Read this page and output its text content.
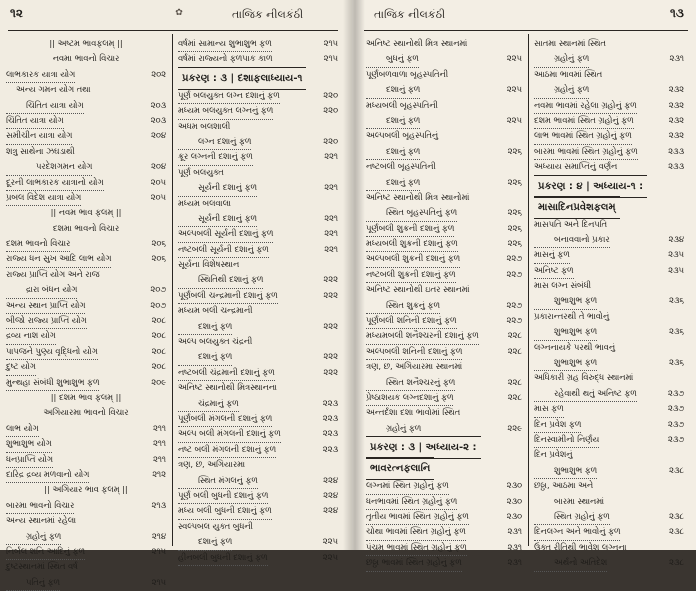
૧૨	✿	તાજિક નીલકંઠી
|| અષ્ટમ ભાવફલમ્ ||
નવમા ભાવનો વિચાર
લાભકારક યાત્રા યોગ	૨૦૨
અન્ય ગમન યોગ તથા
ચિંતિત યાત્રા યોગ	૨૦૩
ચિંતિત યાત્રા યોગ	૨૦૩
સમીચીન યાત્રા યોગ	૨૦૪
શત્રુ સાથેના ઝઘડાથી
પરદેશગમન યોગ	૨૦૪
દૂરની લાભકારક યાત્રાનો યોગ	૨૦૫
પ્રબલ વિદેશ યાત્રા યોગ	૨૦૫
|| નવમ ભાવ ફલમ્ ||
દશમા ભાવનો વિચાર
દશમ ભાવનો વિચાર	૨૦૬
રાજ્ય ધન સુખ આદિ લાભ યોગ	૨૦૬
રાજ્ય પ્રાપ્તિ યોગ અને રાજ
દ્રારા બંધન યોગ	૨૦૭
અન્ય સ્થાન પ્રાપ્તિ યોગ	૨૦૭
બીજો રાજ્ય પ્રાપ્તિ યોગ	૨૦૮
દ્રવ્ય નાશ યોગ	૨૦૮
પાપજને પુણ્ય વૃદ્ધિનો યોગ	૨૦૮
દુષ્ટ યોગ	૨૦૮
મુન્થહા સંબંધી શુભાશુભ ફળ	૨૦૯
|| દશમ ભાવ ફલમ્ ||
અગિયારમા ભાવનો વિચાર
લાભ યોગ	૨૧૧
શુભાશુભ યોગ	૨૧૧
ધનપ્રાપ્તિ યોગ	૨૧૧
દારિદ્ર દ્રવ્ય મળવાનો યોગ	૨૧૨
|| અગિયાર ભાવ ફલમ્ ||
બારમા ભાવનો વિચાર	૨૧૩
અન્ય સ્થાનમાં રહેલા
ગ્રહોનું ફળ	૨૧૪
નિર્બલ શનિ આદિનું ફળ	૨૧૫
દુષ્ટસ્થાનમાં સ્થિત વર્ષ
પતિનું ફળ	૨૧૫
વર્ષમાં સામાન્ય શુભાશુભ ફળ	૨૧૫
વર્ષમાં રાજ્યનો ફળપાક કાળ	૨૧૫
પ્રકરણ : ૩ | દશાફલાધ્યાય-૧
પૂર્ણ બલયુક્ત લગ્ન દશાનું ફળ	૨૨૦
મધ્યમ બલયુક્ત લગ્નનું ફળ	૨૨૦
અધમ બલશાલી
લગ્ન દશાનું ફળ	૨૨૦
ક્રૂર લગ્નની દશાનું ફળ	૨૨૧
પૂર્ણ બલયુક્ત
સૂર્યની દશાનું ફળ	૨૨૧
મધ્યમ બલવાલા
સૂર્યની દશાનું ફળ	૨૨૧
અલ્પબલી સૂર્યની દશાનું ફળ	૨૨૧
નષ્ટબલી સૂર્યની દશાનું ફળ	૨૨૧
સૂર્યના વિશેષસ્થાન
સ્થિતિથી દશાનું ફળ	૨૨૨
પૂર્ણબલી ચન્દ્રમાની દશાનું ફળ	૨૨૨
મધ્યમ બલી ચન્દ્રમાની
દશાનું ફળ	૨૨૨
અલ્પ બલયુક્ત ચંદ્રની
દશાનું ફળ	૨૨૨
નષ્ટબલી ચંદ્રમાની દશાનું ફળ	૨૨૨
અનિષ્ટ સ્થાનોથી મિત્રસ્થાનના
ચંદ્રમાનું ફળ	૨૨૩
પૂર્ણબલી મંગલની દશાનું ફળ	૨૨૩
અલ્પ બલી મંગલની દશાનું ફળ	૨૨૩
નષ્ટ બલી મંગલની દશાનું ફળ	૨૨૩
ત્રણ, છ, અગિયારમા
સ્થિત મંગલનું ફળ	૨૨૪
પૂર્ણ બલી બુધની દશાનું ફળ	૨૨૪
મધ્ય બલી બુધની દશાનું ફળ	૨૨૪
સ્વલ્પબલ યુક્ત બુધની
દશાનું ફળ	૨૨૫
હીનબલી બુધની દશાનું ફળ	૨૨૫
તાજિક નીલકંઠી	૧૩
અનિષ્ટ સ્થાનોથી મિત્ર સ્થાનમાં
બુધનું ફળ	૨૨૫
પૂર્ણબળવાળા બૃહસ્પતિની
દશાનું ફળ	૨૨૫
મધ્યબલી બૃહસ્પતિની
દશાનું ફળ	૨૨૫
અલ્પબલી બૃહસ્પતિનું
દશાનું ફળ	૨૨૬
નષ્ટબલી બૃહસ્પતિની
દશાનું ફળ	૨૨૬
અનિષ્ટ સ્થાનોથી મિત્ર સ્થાનોમાં
સ્થિત બૃહસ્પતિનું ફળ	૨૨૬
પૂર્ણબલી શુક્રની દશાનું ફળ	૨૨૬
મધ્યબલી શુક્રની દશાનું ફળ	૨૨૬
અલ્પબલી શુક્રની દશાનું ફળ	૨૨૭
નષ્ટબલી શુક્રની દશાનું ફળ	૨૨૭
અનિષ્ટ સ્થાનોથી ઇતર સ્થાનમાં
સ્થિત શુક્રનું ફળ	૨૨૭
પૂર્ણબલી શનિની દશાનું ફળ	૨૨૭
મધ્યમબલી શનૈશ્ચરની દશાનું ફળ	૨૨૮
અલ્પબલી શનિની દશાનું ફળ	૨૨૮
ત્રણ, છ, અગિયારમા સ્થાનમાં
સ્થિત શનૈશ્ચરનું ફળ	૨૨૮
પ્રેષ્ઠાશયક લગ્નદશાનું ફળ	૨૨૮
અન્તર્દશા દશા ભાવોમાં સ્થિત
ગ્રહોનું ફળ	૨૨૯
પ્રકરણ : ૩ | અધ્યાય-૨ :
ભાવરત્નફલાનિ
લગ્નમાં સ્થિત ગ્રહોનું ફળ	૨૩૦
ધનભાવમાં સ્થિત ગ્રહોનું ફળ	૨૩૦
તૃતીય ભાવમાં સ્થિત ગ્રહોનું ફળ	૨૩૦
ચોથા ભાવમાં સ્થિત ગ્રહોનું ફળ	૨૩૧
પંચમ ભાવમાં સ્થિત ગ્રહોનું ફળ	૨૩૧
છઠ્ઠા ભાવમાં સ્થિત ગ્રહોનું ફળ	૨૩૧
સાતમા સ્થાનમાં સ્થિત
ગ્રહોનું ફળ	૨૩૧
આઠમા ભાવમાં સ્થિત
ગ્રહોનું ફળ	૨૩૨
નવમા ભાવમાં રહેલા ગ્રહોનું ફળ	૨૩૨
દશમ ભાવમાં સ્થિત ગ્રહોનું ફળ	૨૩૨
લાભ ભાવમાં સ્થિત ગ્રહોનું ફળ	૨૩૨
બારમા ભાવમાં સ્થિત ગ્રહોનું ફળ	૨૩૩
અધ્યાય સમાપ્તિનું વર્ણન	૨૩૩
પ્રકરણ : ૪ | અધ્યાય-૧ :
માસાદિનપ્રવેશફલમ્
માસપતિ અને દિનપતિ
બનાવવાનો પ્રકાર	૨૩૪
માસનું ફળ	૨૩૫
અનિષ્ટ ફળ	૨૩૫
માસ લગ્ન સંબંધી
શુભાશુભ ફળ	૨૩૬
પ્રકારાન્તરથી તે ભાવોનું
શુભાશુભ ફળ	૨૩૬
લગ્નનાયકે પરથી ભાવનું
શુભાશુભ ફળ	૨૩૬
અધિકારી ગ્રહ વિરુદ્ધ સ્થાનમાં
રહેવાથી થતું અનિષ્ટ ફળ	૨૩૭
માસ ફળ	૨૩૭
દિન પ્રવેશ ફળ	૨૩૭
દિનસ્વામીનો નિર્ણય	૨૩૭
દિન પ્રવેશનું
શુભાશુભ ફળ	૨૩૮
છઠ્ઠા, આઠમા અને
બારમા સ્થાનમાં
સ્થિત ગ્રહોનું ફળ	૨૩૮
દિનલગ્ન અને ભાવોનું ફળ	૨૩૮
ઉક્ત રીતિથી ભાવેશ લગ્નના
અર્થનો અતિદેશ	૨૩૮
